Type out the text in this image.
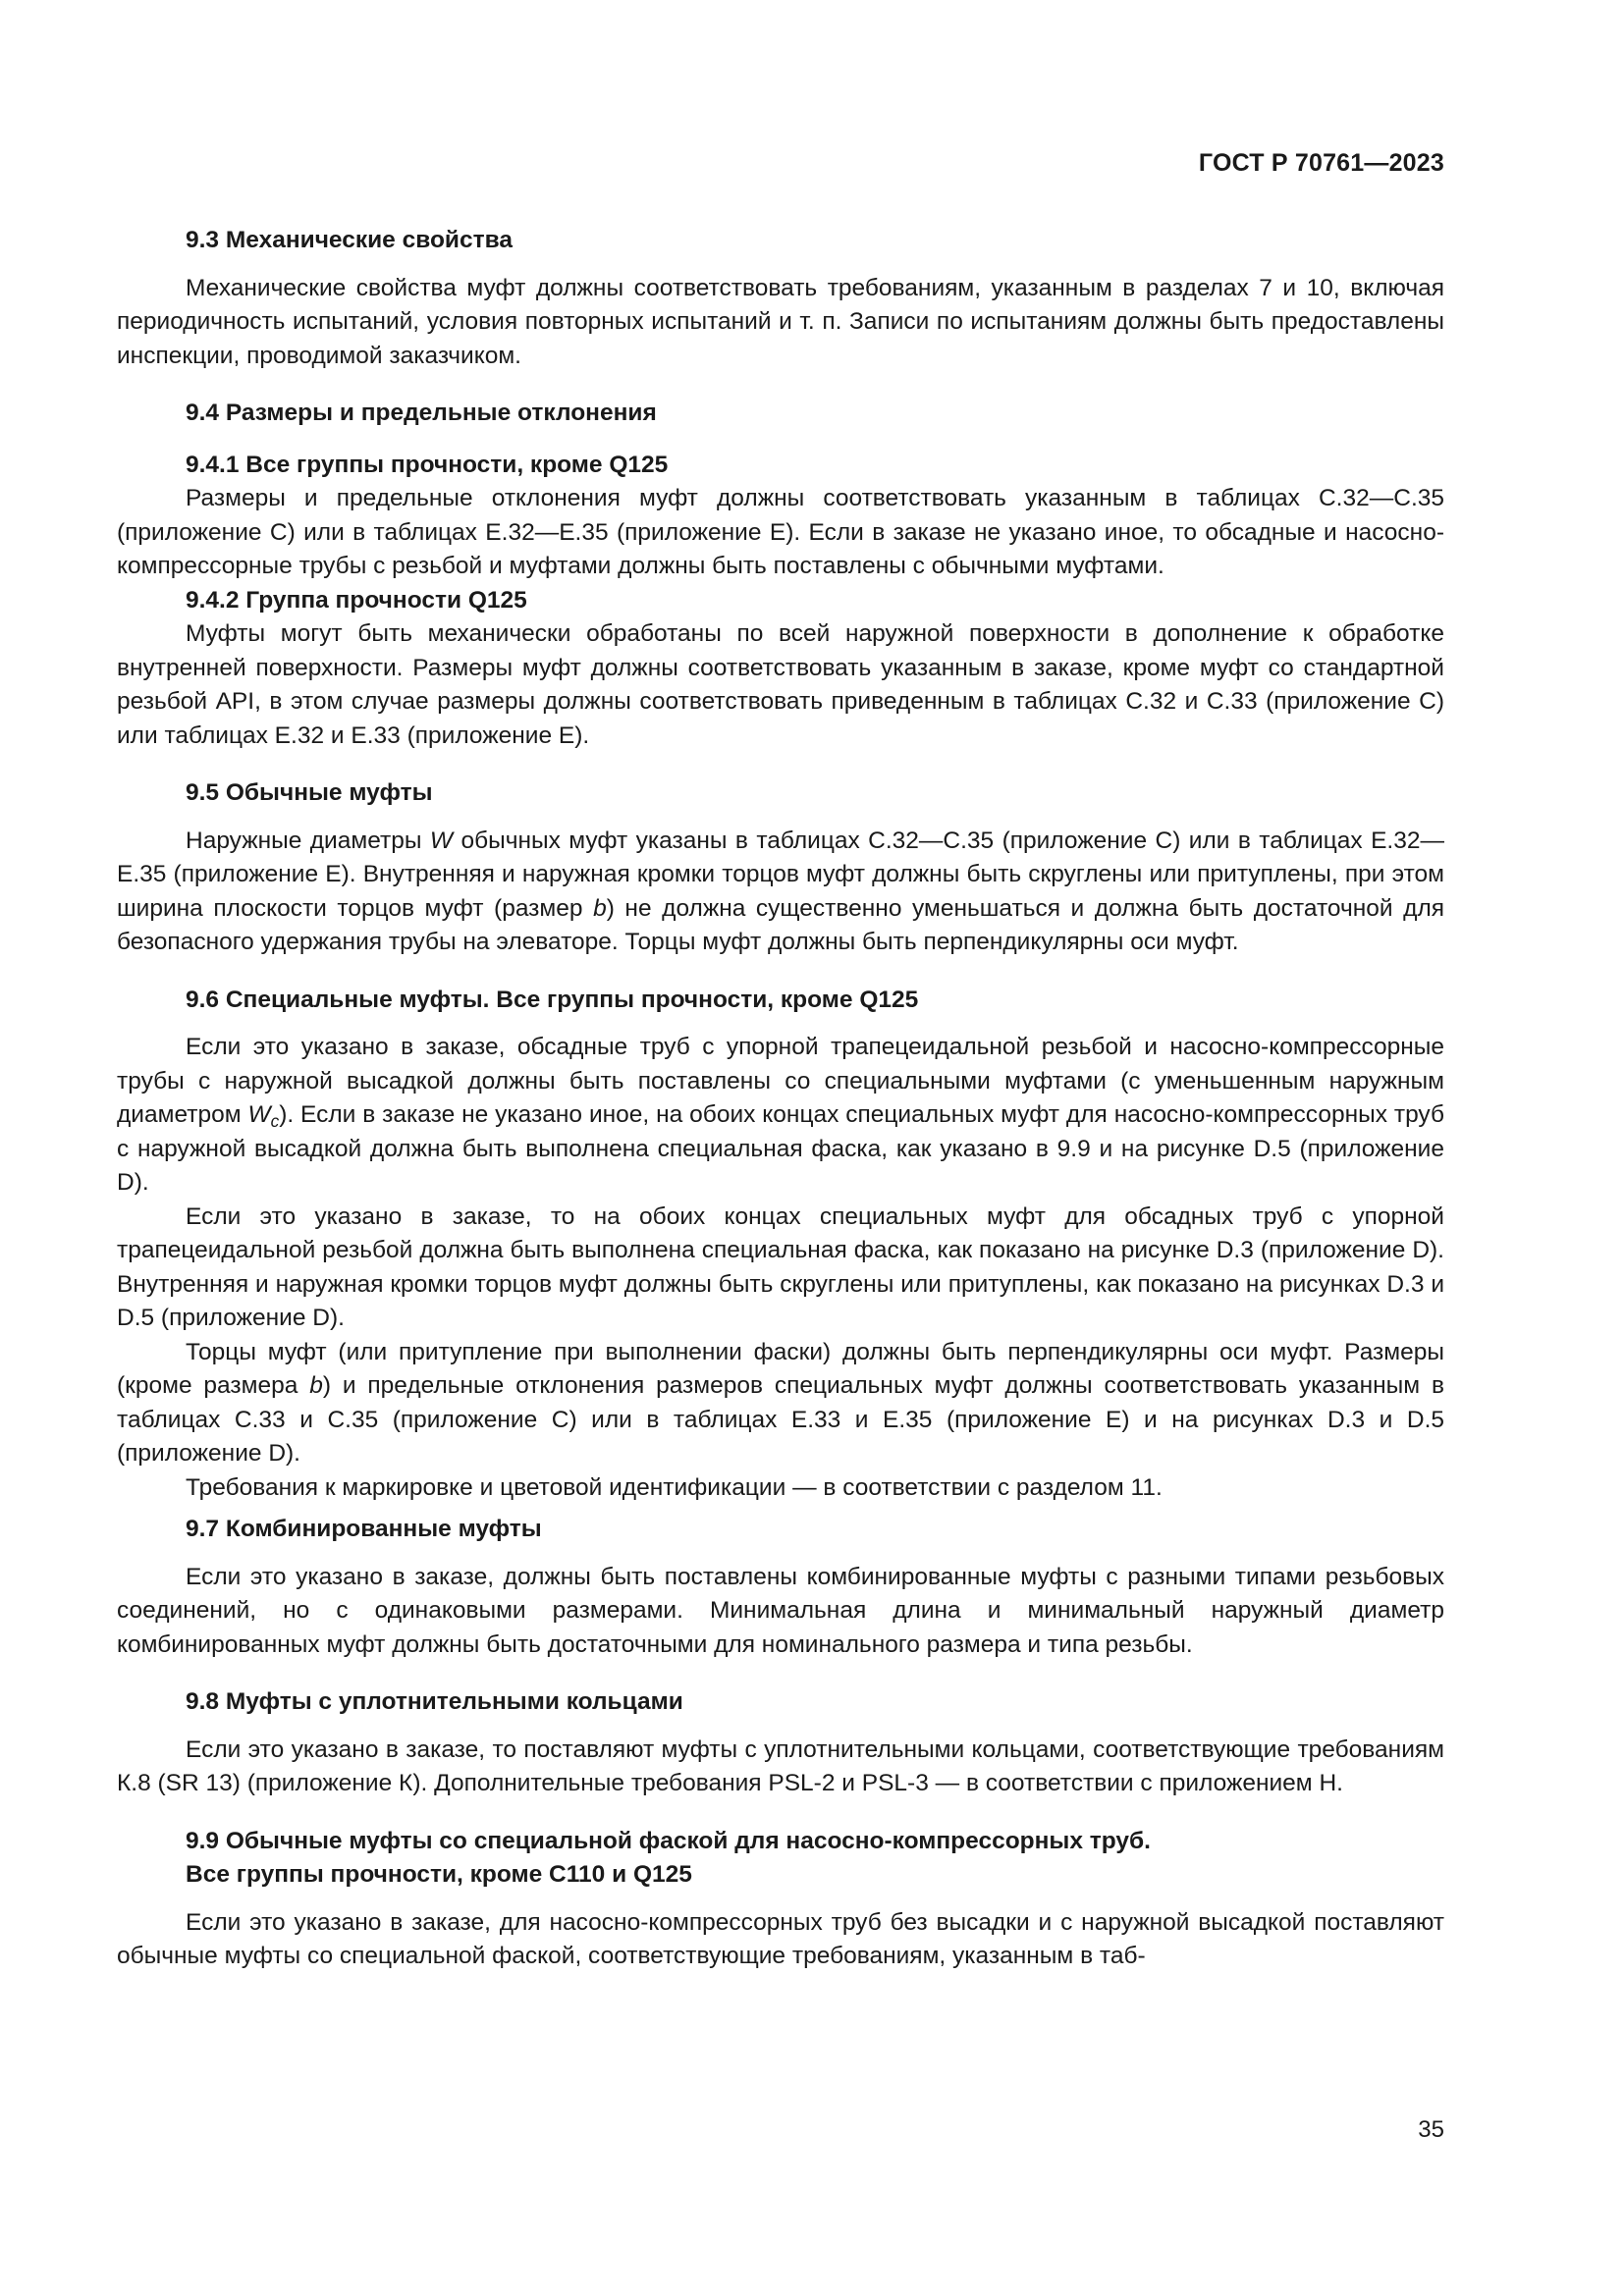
ГОСТ Р 70761—2023

9.3 Механические свойства

Механические свойства муфт должны соответствовать требованиям, указанным в разделах 7 и 10, включая периодичность испытаний, условия повторных испытаний и т. п. Записи по испытаниям должны быть предоставлены инспекции, проводимой заказчиком.

9.4 Размеры и предельные отклонения

9.4.1 Все группы прочности, кроме Q125

Размеры и предельные отклонения муфт должны соответствовать указанным в таблицах С.32—С.35 (приложение С) или в таблицах Е.32—Е.35 (приложение Е). Если в заказе не указано иное, то обсадные и насосно-компрессорные трубы с резьбой и муфтами должны быть поставлены с обычными муфтами.

9.4.2 Группа прочности Q125

Муфты могут быть механически обработаны по всей наружной поверхности в дополнение к обработке внутренней поверхности. Размеры муфт должны соответствовать указанным в заказе, кроме муфт со стандартной резьбой API, в этом случае размеры должны соответствовать приведенным в таблицах С.32 и С.33 (приложение С) или таблицах Е.32 и Е.33 (приложение Е).

9.5 Обычные муфты

Наружные диаметры W обычных муфт указаны в таблицах С.32—С.35 (приложение С) или в таблицах Е.32—Е.35 (приложение Е). Внутренняя и наружная кромки торцов муфт должны быть скруглены или притуплены, при этом ширина плоскости торцов муфт (размер b) не должна существенно уменьшаться и должна быть достаточной для безопасного удержания трубы на элеваторе. Торцы муфт должны быть перпендикулярны оси муфт.

9.6 Специальные муфты. Все группы прочности, кроме Q125

Если это указано в заказе, обсадные труб с упорной трапецеидальной резьбой и насосно-компрессорные трубы с наружной высадкой должны быть поставлены со специальными муфтами (с уменьшенным наружным диаметром $W_c$). Если в заказе не указано иное, на обоих концах специальных муфт для насосно-компрессорных труб с наружной высадкой должна быть выполнена специальная фаска, как указано в 9.9 и на рисунке D.5 (приложение D).

Если это указано в заказе, то на обоих концах специальных муфт для обсадных труб с упорной трапецеидальной резьбой должна быть выполнена специальная фаска, как показано на рисунке D.3 (приложение D). Внутренняя и наружная кромки торцов муфт должны быть скруглены или притуплены, как показано на рисунках D.3 и D.5 (приложение D).

Торцы муфт (или притупление при выполнении фаски) должны быть перпендикулярны оси муфт. Размеры (кроме размера b) и предельные отклонения размеров специальных муфт должны соответствовать указанным в таблицах С.33 и С.35 (приложение С) или в таблицах Е.33 и Е.35 (приложение Е) и на рисунках D.3 и D.5 (приложение D).

Требования к маркировке и цветовой идентификации — в соответствии с разделом 11.

9.7 Комбинированные муфты

Если это указано в заказе, должны быть поставлены комбинированные муфты с разными типами резьбовых соединений, но с одинаковыми размерами. Минимальная длина и минимальный наружный диаметр комбинированных муфт должны быть достаточными для номинального размера и типа резьбы.

9.8 Муфты с уплотнительными кольцами

Если это указано в заказе, то поставляют муфты с уплотнительными кольцами, соответствующие требованиям К.8 (SR 13) (приложение К). Дополнительные требования PSL-2 и PSL-3 — в соответствии с приложением Н.

9.9 Обычные муфты со специальной фаской для насосно-компрессорных труб.

Все группы прочности, кроме С110 и Q125

Если это указано в заказе, для насосно-компрессорных труб без высадки и с наружной высадкой поставляют обычные муфты со специальной фаской, соответствующие требованиям, указанным в таб-

35
